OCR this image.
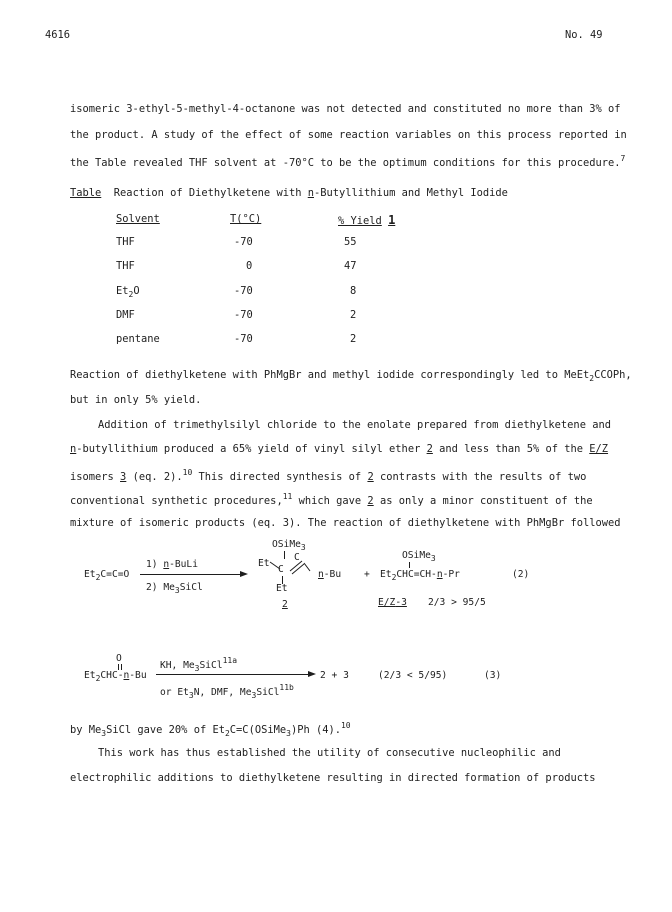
4616	No. 49
isomeric 3-ethyl-5-methyl-4-octanone was not detected and constituted no more than 3% of
the product. A study of the effect of some reaction variables on this process reported in
the Table revealed THF solvent at -70°C to be the optimum conditions for this procedure.$^7$
Table Reaction of Diethylketene with n-Butyllithium and Methyl Iodide
Solvent	T(°C)	% Yield 1
THF	-70	55
THF	0	47
$Et_2O$	-70	8
DMF	-70	2
pentane	-70	2
Reaction of diethylketene with PhMgBr and methyl iodide correspondingly led to MeEt$_2$CCOPh,
but in only 5% yield.
Addition of trimethylsilyl chloride to the enolate prepared from diethylketene and
n-butyllithium produced a 65% yield of vinyl silyl ether 2 and less than 5% of the E/Z
isomers 3 (eq. 2).$^{10}$ This directed synthesis of 2 contrasts with the results of two
conventional synthetic procedures,$^{11}$ which gave 2 as only a minor constituent of the
mixture of isomeric products (eq. 3). The reaction of diethylketene with PhMgBr followed
$Et_2C=C=O$
1) n-BuLi
2) $Me_3SiCl$
OSiMe$_3$
Et
C
C
n-Bu
Et
+
OSiMe$_3$
$Et_2CHC=CH-n-Pr$	(2)
2	E/Z-3 2/3 > 95/5
O
$Et_2CHC-n-Bu$
KH, $Me_3SiCl^{11a}$
or $Et_3N$, DMF, $Me_3SiCl^{11b}$
2 + 3	(2/3 < 5/95)	(3)
by $Me_3SiCl$ gave 20% of $Et_2C=C(OSiMe_3)Ph$ (4).$^{10}$
This work has thus established the utility of consecutive nucleophilic and
electrophilic additions to diethylketene resulting in directed formation of products
